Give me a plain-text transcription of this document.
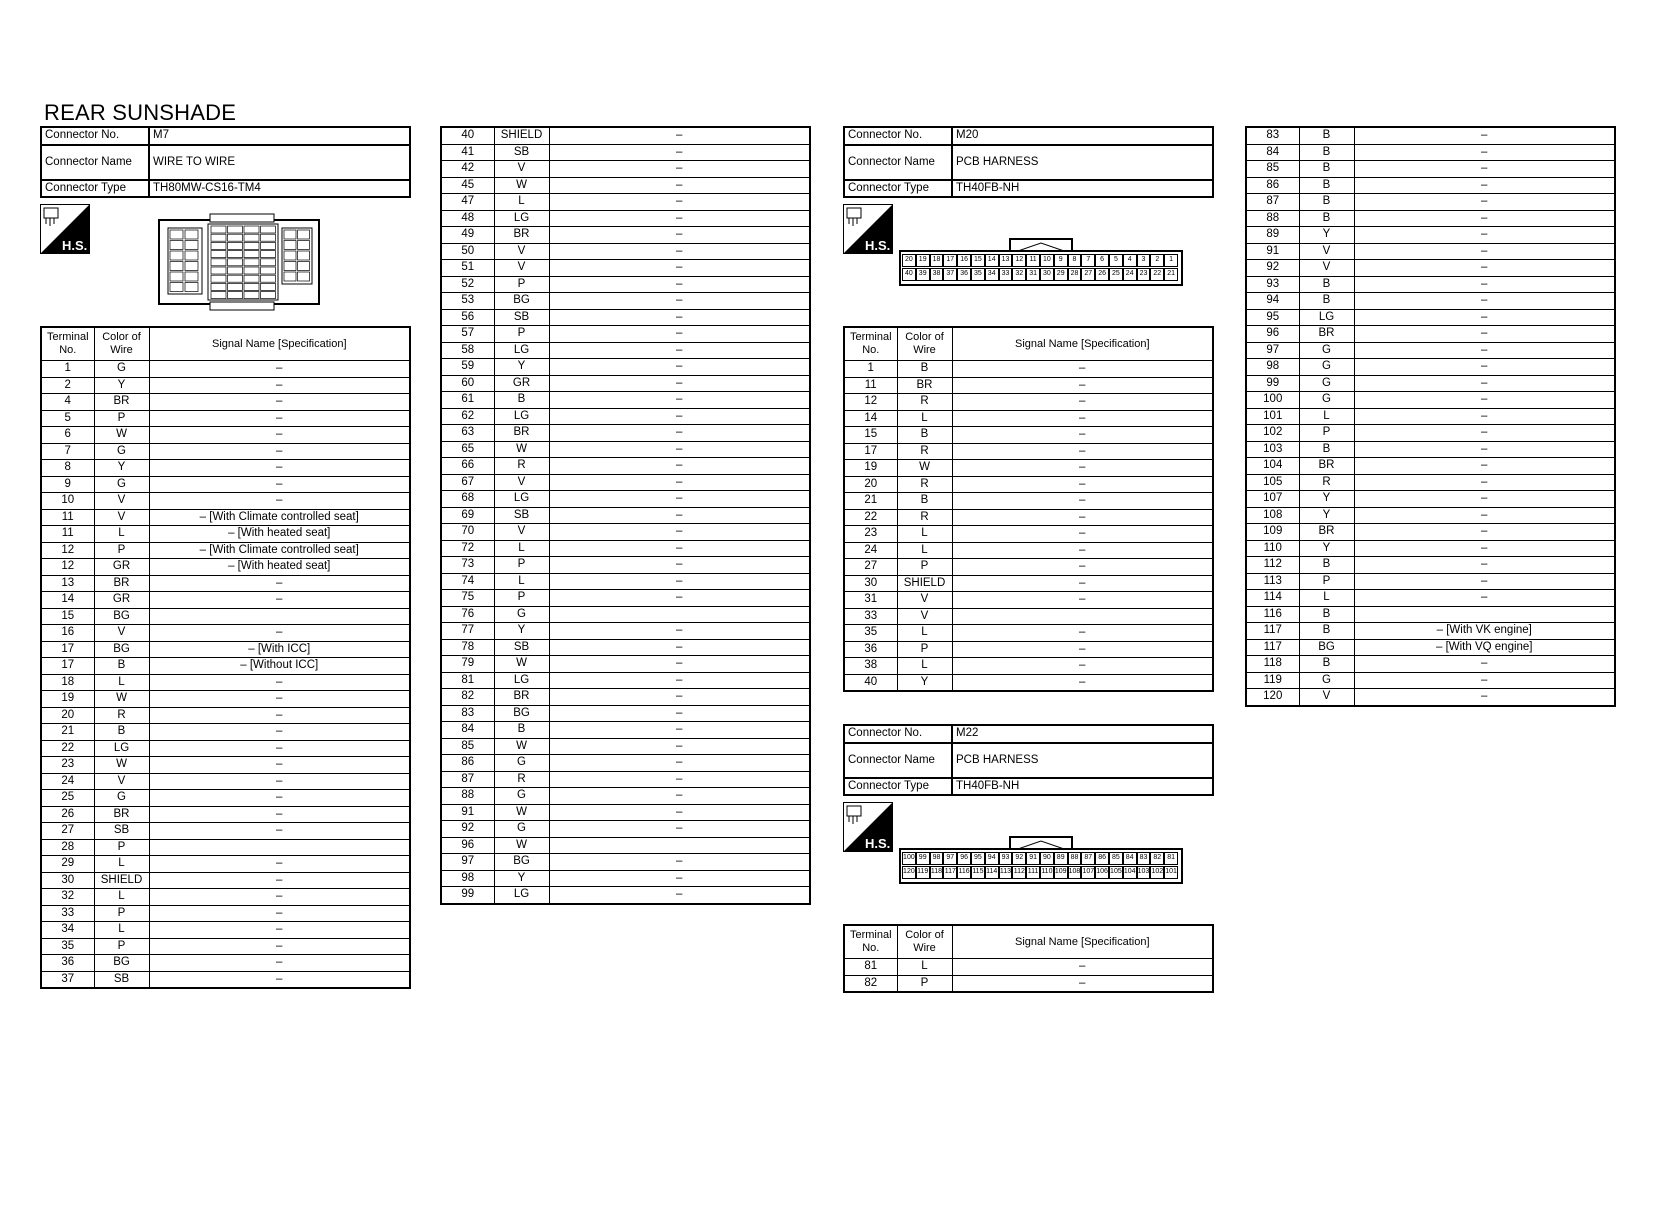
REAR SUNSHADE
Connector No.	M7
Connector Name	WIRE TO WIRE
Connector Type	TH80MW-CS16-TM4
H.S.
Terminal No.	Color of Wire	Signal Name [Specification]
1	G	–
2	Y	–
4	BR	–
5	P	–
6	W	–
7	G	–
8	Y	–
9	G	–
10	V	–
11	V	– [With Climate controlled seat]
11	L	– [With heated seat]
12	P	– [With Climate controlled seat]
12	GR	– [With heated seat]
13	BR	–
14	GR	–
15	BG	
16	V	–
17	BG	– [With ICC]
17	B	– [Without ICC]
18	L	–
19	W	–
20	R	–
21	B	–
22	LG	–
23	W	–
24	V	–
25	G	–
26	BR	–
27	SB	–
28	P	
29	L	–
30	SHIELD	–
32	L	–
33	P	–
34	L	–
35	P	–
36	BG	–
37	SB	–
40	SHIELD	–
41	SB	–
42	V	–
45	W	–
47	L	–
48	LG	–
49	BR	–
50	V	–
51	V	–
52	P	–
53	BG	–
56	SB	–
57	P	–
58	LG	–
59	Y	–
60	GR	–
61	B	–
62	LG	–
63	BR	–
65	W	–
66	R	–
67	V	–
68	LG	–
69	SB	–
70	V	–
72	L	–
73	P	–
74	L	–
75	P	–
76	G	
77	Y	–
78	SB	–
79	W	–
81	LG	–
82	BR	–
83	BG	–
84	B	–
85	W	–
86	G	–
87	R	–
88	G	–
91	W	–
92	G	–
96	W	
97	BG	–
98	Y	–
99	LG	–
Connector No.	M20
Connector Name	PCB HARNESS
Connector Type	TH40FB-NH
H.S.
20 19 18 17 16 15 14 13 12 11 10	9	8	7	6	5	4	3	2	1
40 39 38 37 36 35 34 33 32 31 30 29 28 27 26 25 24 23 22 21
Terminal No.	Color of Wire	Signal Name [Specification]
1	B	–
11	BR	–
12	R	–
14	L	–
15	B	–
17	R	–
19	W	–
20	R	–
21	B	–
22	R	–
23	L	–
24	L	–
27	P	–
30	SHIELD	–
31	V	–
33	V	
35	L	–
36	P	–
38	L	–
40	Y	–
Connector No.	M22
Connector Name	PCB HARNESS
Connector Type	TH40FB-NH
H.S.
100 99 98 97 96 95 94 93 92 91 90 89 88 87 86 85 84 83 82 81
120 119 118 117 116 115 114 113 112 111 110 109 108 107 106 105 104 103 102 101
Terminal No.	Color of Wire	Signal Name [Specification]
81	L	–
82	P	–
83	B	–
84	B	–
85	B	–
86	B	–
87	B	–
88	B	–
89	Y	–
91	V	–
92	V	–
93	B	–
94	B	–
95	LG	–
96	BR	–
97	G	–
98	G	–
99	G	–
100	G	–
101	L	–
102	P	–
103	B	–
104	BR	–
105	R	–
107	Y	–
108	Y	–
109	BR	–
110	Y	–
112	B	–
113	P	–
114	L	–
116	B	
117	B	– [With VK engine]
117	BG	– [With VQ engine]
118	B	–
119	G	–
120	V	–
